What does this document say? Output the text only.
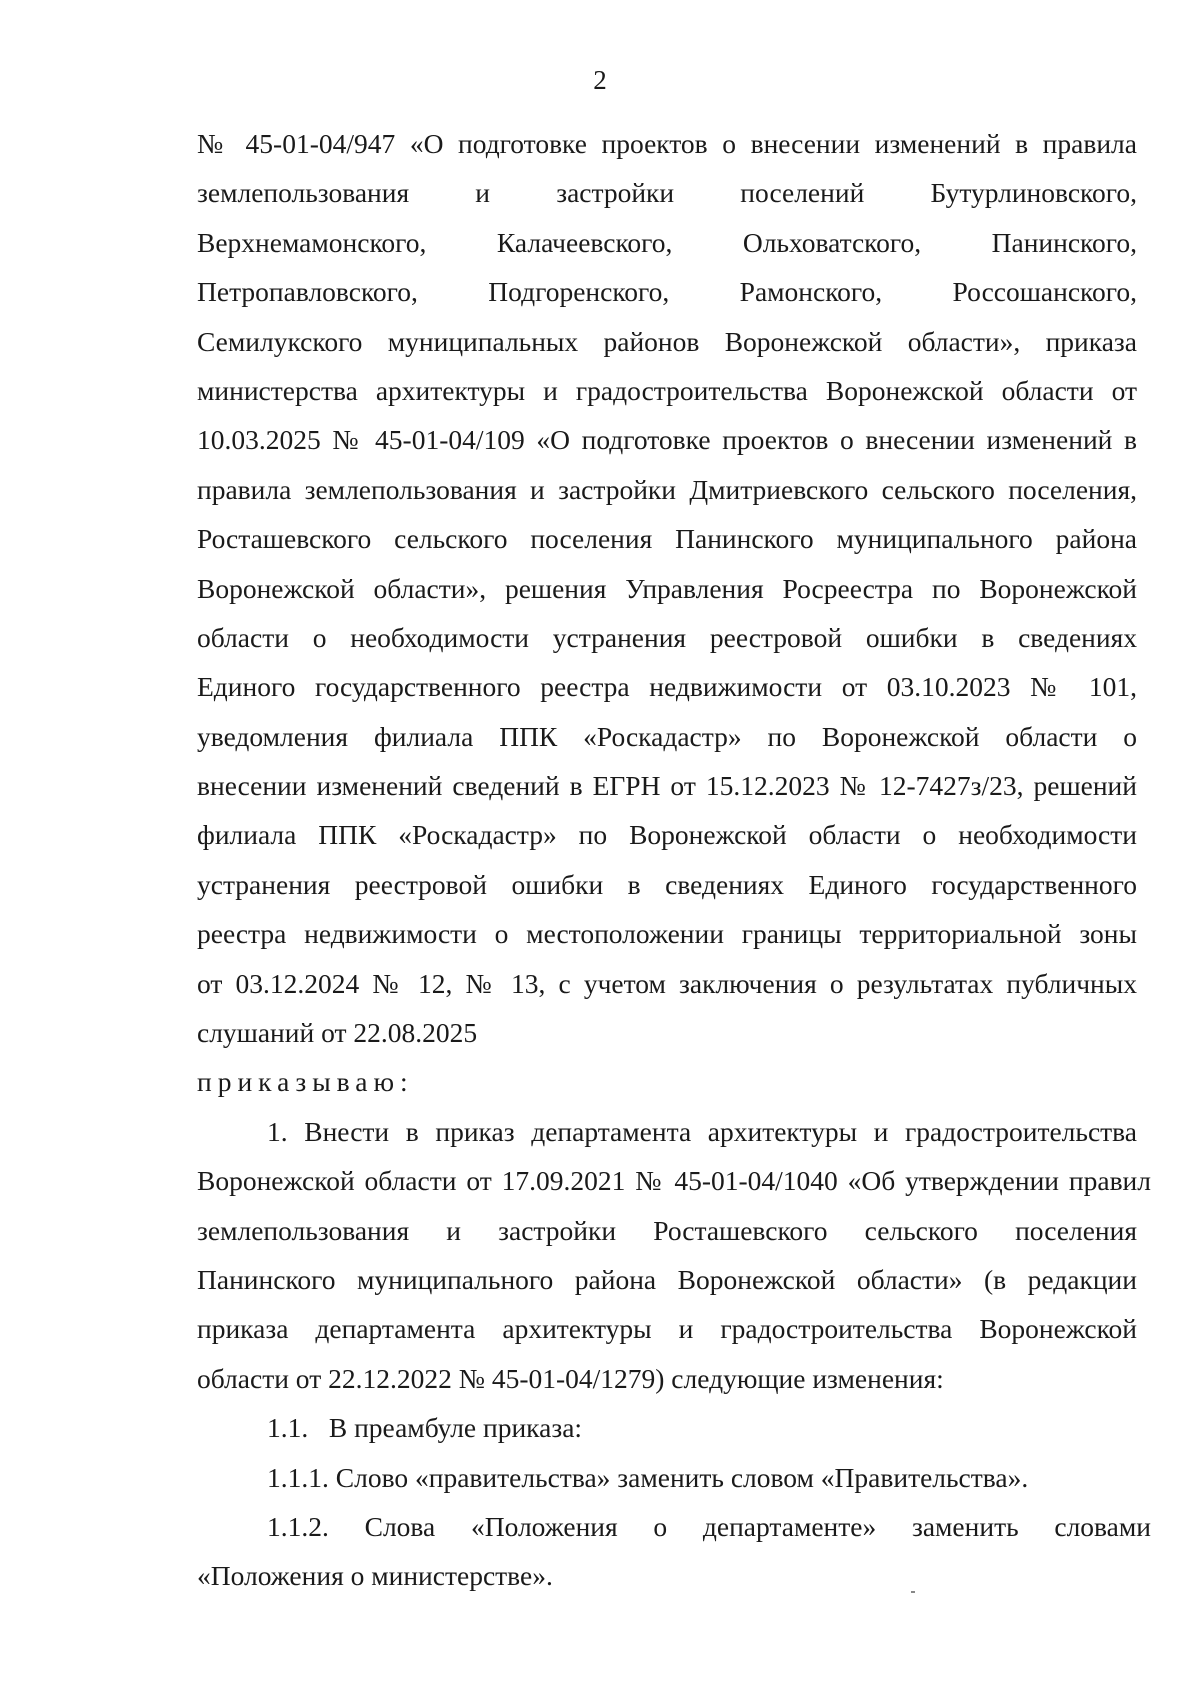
2
№ 45-01-04/947 «О подготовке проектов о внесении изменений в правила
землепользования и застройки поселений Бутурлиновского,
Верхнемамонского, Калачеевского, Ольховатского, Панинского,
Петропавловского, Подгоренского, Рамонского, Россошанского,
Семилукского муниципальных районов Воронежской области», приказа
министерства архитектуры и градостроительства Воронежской области от
10.03.2025 № 45-01-04/109 «О подготовке проектов о внесении изменений в
правила землепользования и застройки Дмитриевского сельского поселения,
Росташевского сельского поселения Панинского муниципального района
Воронежской области», решения Управления Росреестра по Воронежской
области о необходимости устранения реестровой ошибки в сведениях
Единого государственного реестра недвижимости от 03.10.2023 № 101,
уведомления филиала ППК «Роскадастр» по Воронежской области о
внесении изменений сведений в ЕГРН от 15.12.2023 № 12-7427з/23, решений
филиала ППК «Роскадастр» по Воронежской области о необходимости
устранения реестровой ошибки в сведениях Единого государственного
реестра недвижимости о местоположении границы территориальной зоны
от 03.12.2024 № 12, № 13, с учетом заключения о результатах публичных
слушаний от 22.08.2025
приказываю:
1. Внести в приказ департамента архитектуры и градостроительства
Воронежской области от 17.09.2021 № 45-01-04/1040 «Об утверждении правил
землепользования и застройки Росташевского сельского поселения
Панинского муниципального района Воронежской области» (в редакции
приказа департамента архитектуры и градостроительства Воронежской
области от 22.12.2022 № 45-01-04/1279) следующие изменения:
1.1.   В преамбуле приказа:
1.1.1. Слово «правительства» заменить словом «Правительства».
1.1.2. Слова «Положения о департаменте» заменить словами
«Положения о министерстве».
